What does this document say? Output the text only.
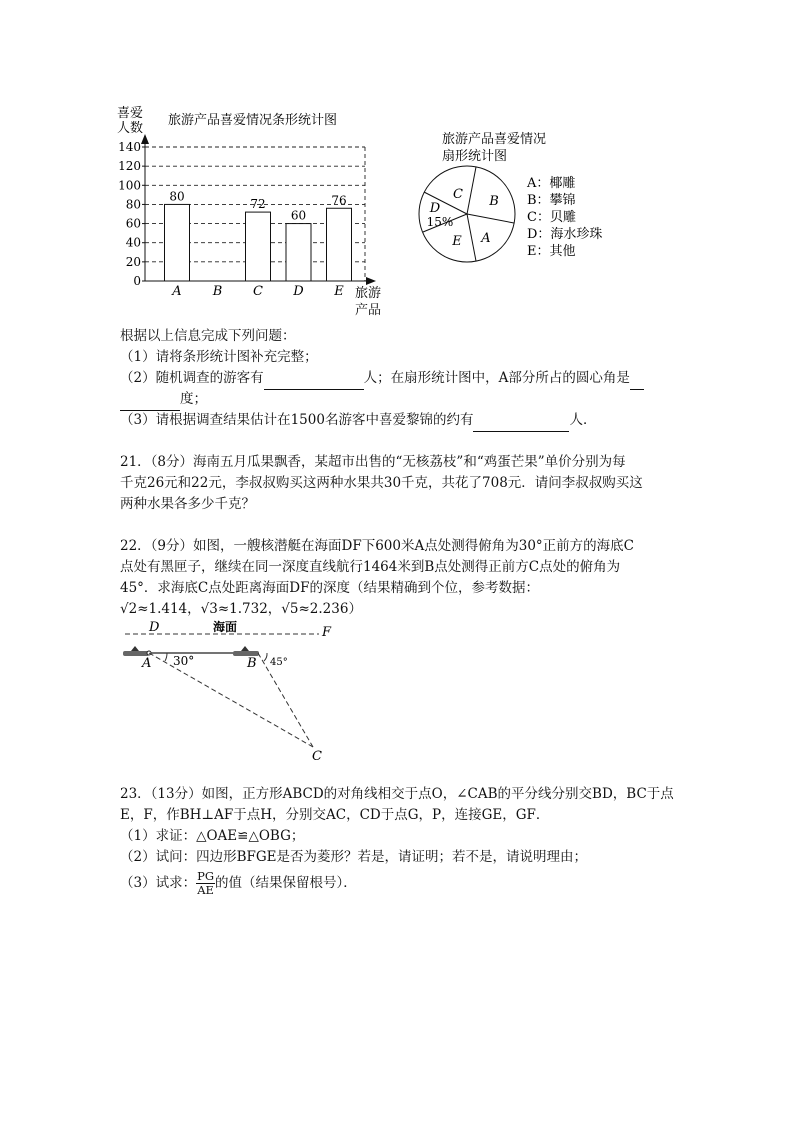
喜爱
人数
旅游产品喜爱情况条形统计图
0
20
40
60
80
100
120
140
A B C D E
80
72
60
76
旅游
产品
旅游产品喜爱情况
扇形统计图
C B
A
E
D
15%
A：椰雕
B：攀锦
C：贝雕
D：海水珍珠
E：其他
根据以上信息完成下列问题：
（1）请将条形统计图补充完整；
（2）随机调查的游客有	人；在扇形统计图中，A部分所占的圆心角是
度；
（3）请根据调查结果估计在1500名游客中喜爱黎锦的约有	人．
21．（8分）海南五月瓜果飘香，某超市出售的“无核荔枝”和“鸡蛋芒果”单价分别为每
千克26元和22元，李叔叔购买这两种水果共30千克，共花了708元．请问李叔叔购买这
两种水果各多少千克？
22．（9分）如图，一艘核潜艇在海面DF下600米A点处测得俯角为30°正前方的海底C
点处有黑匣子，继续在同一深度直线航行1464米到B点处测得正前方C点处的俯角为
45°．求海底C点处距离海面DF的深度（结果精确到个位，参考数据：
√2≈1.414，√3≈1.732，√5≈2.236）
D	海面	F
A	B
30°	45°
C
23．（13分）如图，正方形ABCD的对角线相交于点O，∠CAB的平分线分别交BD，BC于点
E，F，作BH⊥AF于点H，分别交AC，CD于点G，P，连接GE，GF．
（1）求证：△OAE≌△OBG；
（2）试问：四边形BFGE是否为菱形？若是，请证明；若不是，请说明理由；
（3）试求： $\frac{PG}{AE}$ 的值（结果保留根号）．
